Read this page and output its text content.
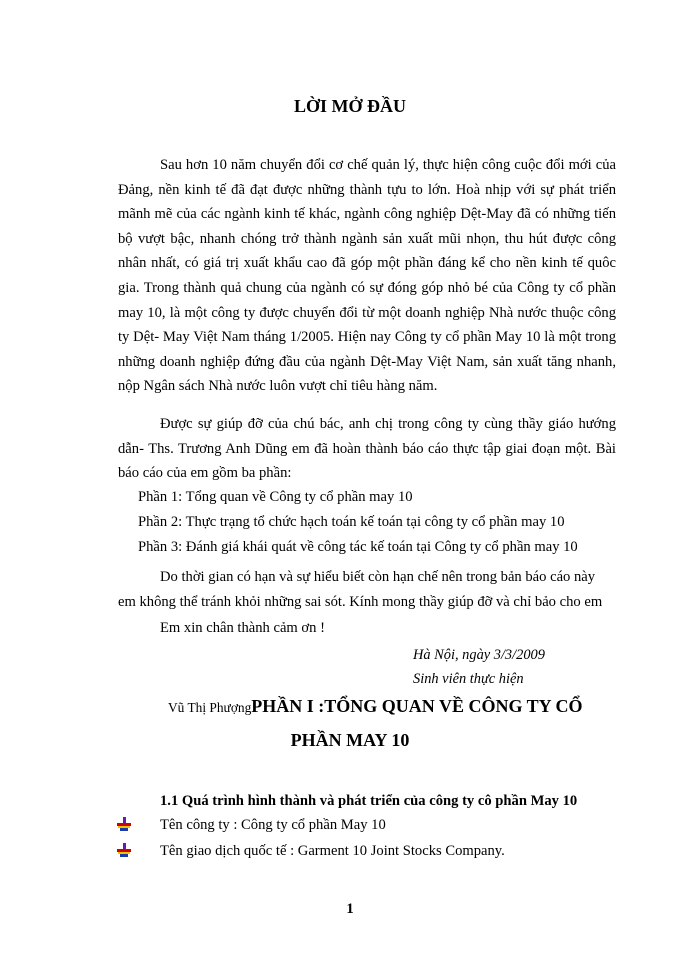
LỜI MỞ ĐẦU

Sau hơn 10 năm chuyển đổi cơ chế quản lý, thực hiện công cuộc đổi mới của Đảng, nền kinh tế đã đạt được những thành tựu to lớn. Hoà nhịp với sự phát triển mãnh mẽ của các ngành kinh tế khác, ngành công nghiệp Dệt-May đã có những tiến bộ vượt bậc, nhanh chóng trở thành ngành sản xuất mũi nhọn, thu hút được công nhân nhất, có giá trị xuất khẩu cao đã góp một phần đáng kể cho nền kinh tế quôc gia. Trong thành quả chung của ngành có sự đóng góp nhỏ bé của Công ty cổ phần may 10, là một công ty được chuyển đổi từ một doanh nghiệp Nhà nước thuộc công ty Dệt- May Việt Nam tháng 1/2005. Hiện nay Công ty cổ phần May 10 là một trong những doanh nghiệp đứng đầu của ngành Dệt-May Việt Nam, sản xuất tăng nhanh, nộp Ngân sách Nhà nước luôn vượt chỉ tiêu hàng năm.

Được sự giúp đỡ của chú bác, anh chị trong công ty cùng thầy giáo hướng dẫn- Ths. Trương Anh Dũng em đã hoàn thành báo cáo thực tập giai đoạn một. Bài báo cáo của em gồm ba phần:

Phần 1: Tổng quan về Công ty cổ phần may 10

Phần 2: Thực trạng tổ chức hạch toán kế toán tại công ty cổ phần may 10

Phần 3: Đánh giá khái quát về công tác kế toán tại Công ty cổ phần may 10

Do thời gian có hạn và sự hiểu biết còn hạn chế nên trong bản báo cáo này em không thể tránh khỏi những sai sót. Kính mong thầy giúp đỡ và chỉ bảo cho em

Em xin chân thành cảm ơn !

Hà Nội, ngày 3/3/2009

Sinh viên thực hiện

Vũ Thị PhượngPHẦN I :TỔNG QUAN VỀ CÔNG TY CỔ

PHẦN MAY 10

1.1 Quá trình hình thành và phát triển của công ty cô phần May 10

Tên công ty : Công ty cổ phần May 10

Tên giao dịch quốc tế : Garment 10 Joint Stocks Company.

1
